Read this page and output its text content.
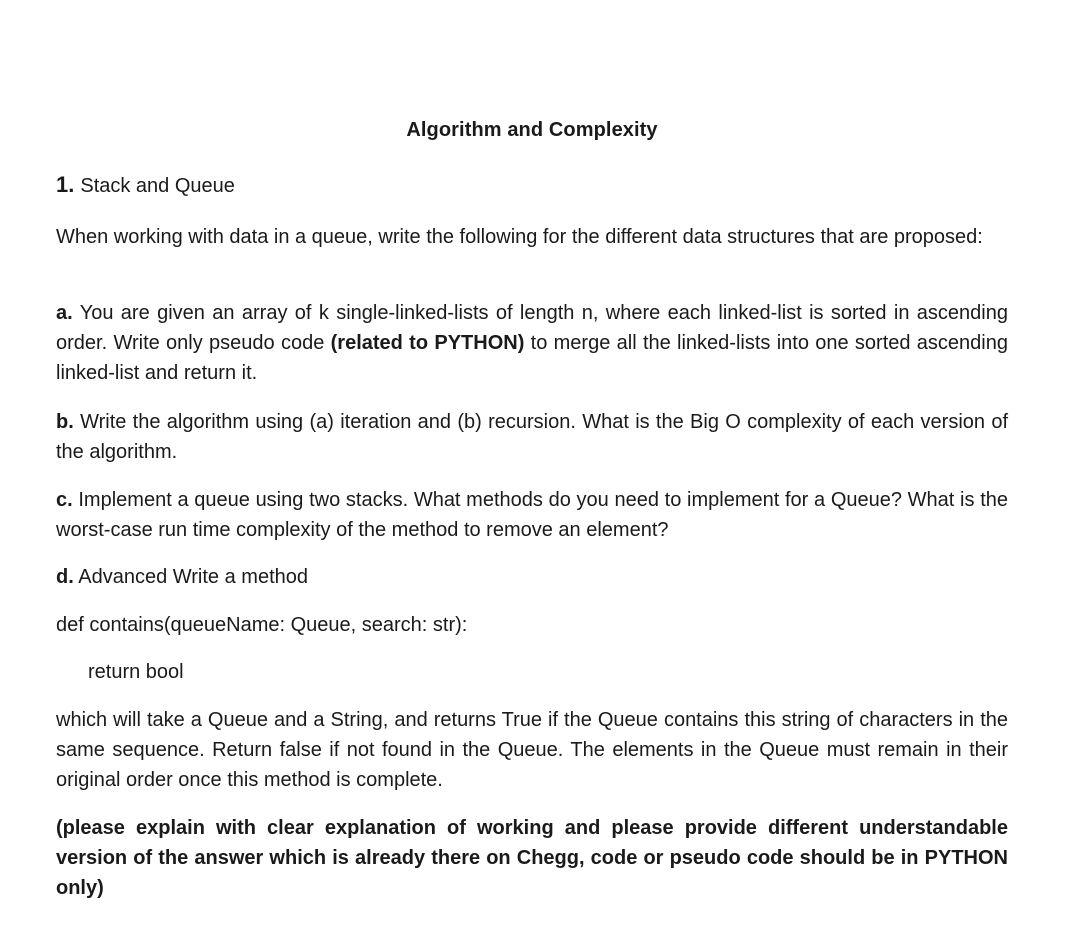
Algorithm and Complexity
1. Stack and Queue

When working with data in a queue, write the following for the different data structures that are proposed:

a. You are given an array of k single-linked-lists of length n, where each linked-list is sorted in ascending order. Write only pseudo code (related to PYTHON) to merge all the linked-lists into one sorted ascending linked-list and return it.

b. Write the algorithm using (a) iteration and (b) recursion. What is the Big O complexity of each version of the algorithm.

c. Implement a queue using two stacks. What methods do you need to implement for a Queue? What is the worst-case run time complexity of the method to remove an element?

d. Advanced Write a method

def contains(queueName: Queue, search: str):

return bool

which will take a Queue and a String, and returns True if the Queue contains this string of characters in the same sequence. Return false if not found in the Queue. The elements in the Queue must remain in their original order once this method is complete.

(please explain with clear explanation of working and please provide different understandable version of the answer which is already there on Chegg, code or pseudo code should be in PYTHON only)
